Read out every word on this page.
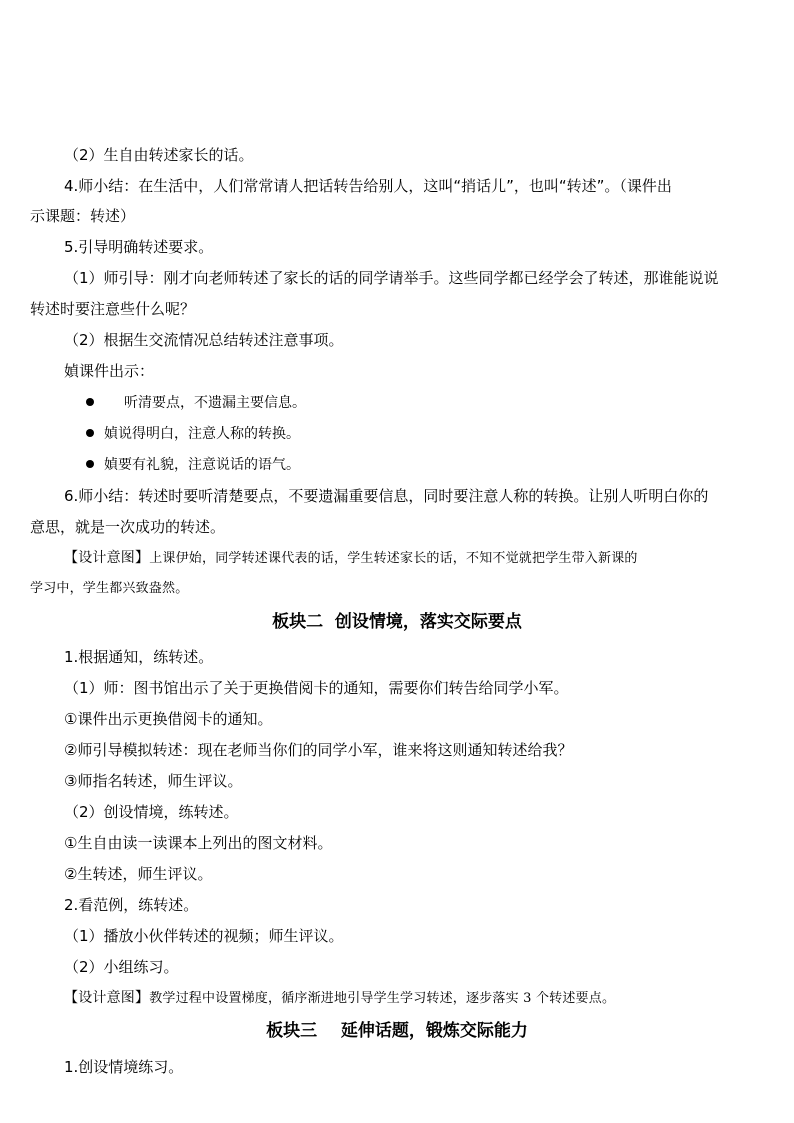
（2）生自由转述家长的话。
4.师小结：在生活中，人们常常请人把话转告给别人，这叫“捎话儿”，也叫“转述”。（课件出
示课题：转述）
5.引导明确转述要求。
（1）师引导：刚才向老师转述了家长的话的同学请举手。这些同学都已经学会了转述，那谁能说说
转述时要注意些什么呢？
（2）根据生交流情况总结转述注意事项。
媜课件出示：
听清要点，不遗漏主要信息。
媜说得明白，注意人称的转换。
媜要有礼貌，注意说话的语气。
6.师小结：转述时要听清楚要点，不要遗漏重要信息，同时要注意人称的转换。让别人听明白你的
意思，就是一次成功的转述。
【设计意图】上课伊始，同学转述课代表的话，学生转述家长的话，不知不觉就把学生带入新课的
学习中，学生都兴致盎然。
板块二  创设情境，落实交际要点
1.根据通知，练转述。
（1）师：图书馆出示了关于更换借阅卡的通知，需要你们转告给同学小军。
①课件出示更换借阅卡的通知。
②师引导模拟转述：现在老师当你们的同学小军，谁来将这则通知转述给我？
③师指名转述，师生评议。
（2）创设情境，练转述。
①生自由读一读课本上列出的图文材料。
②生转述，师生评议。
2.看范例，练转述。
（1）播放小伙伴转述的视频；师生评议。
（2）小组练习。
【设计意图】教学过程中设置梯度，循序渐进地引导学生学习转述，逐步落实 3 个转述要点。
板块三    延伸话题，锻炼交际能力
1.创设情境练习。
